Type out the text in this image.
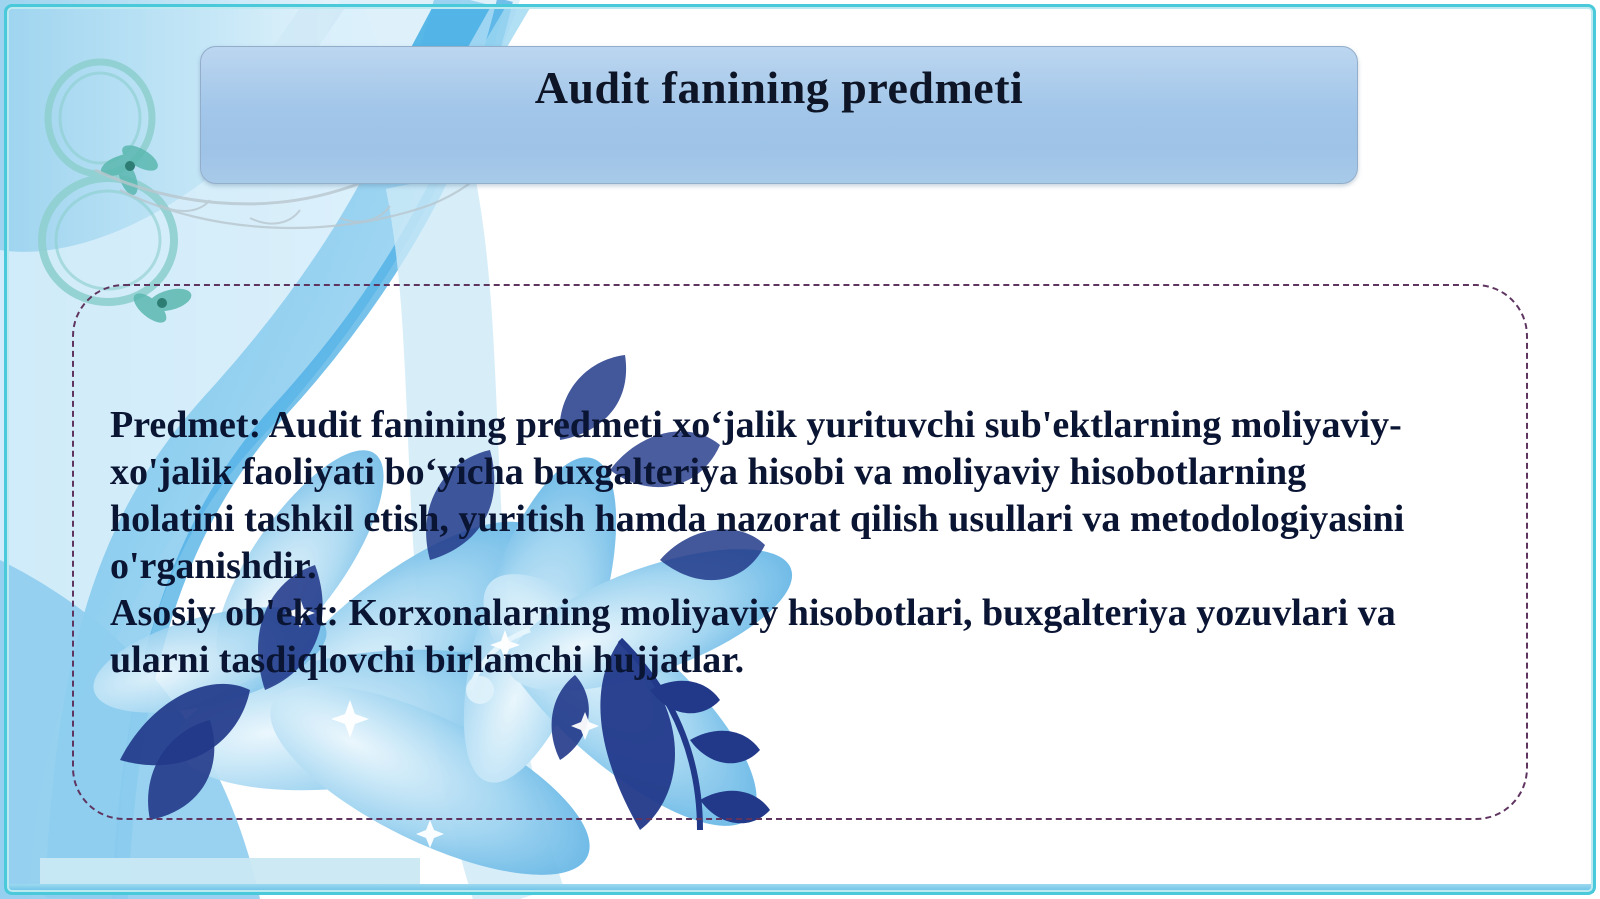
Audit fanining predmeti
Predmet: Audit fanining predmeti xoʻjalik yurituvchi sub'ektlarning moliyaviy-
xo'jalik faoliyati boʻyicha buxgalteriya hisobi va moliyaviy hisobotlarning
holatini tashkil etish, yuritish hamda nazorat qilish usullari va metodologiyasini
o'rganishdir.
Asosiy ob'ekt: Korxonalarning moliyaviy hisobotlari, buxgalteriya yozuvlari va
ularni tasdiqlovchi birlamchi hujjatlar.
